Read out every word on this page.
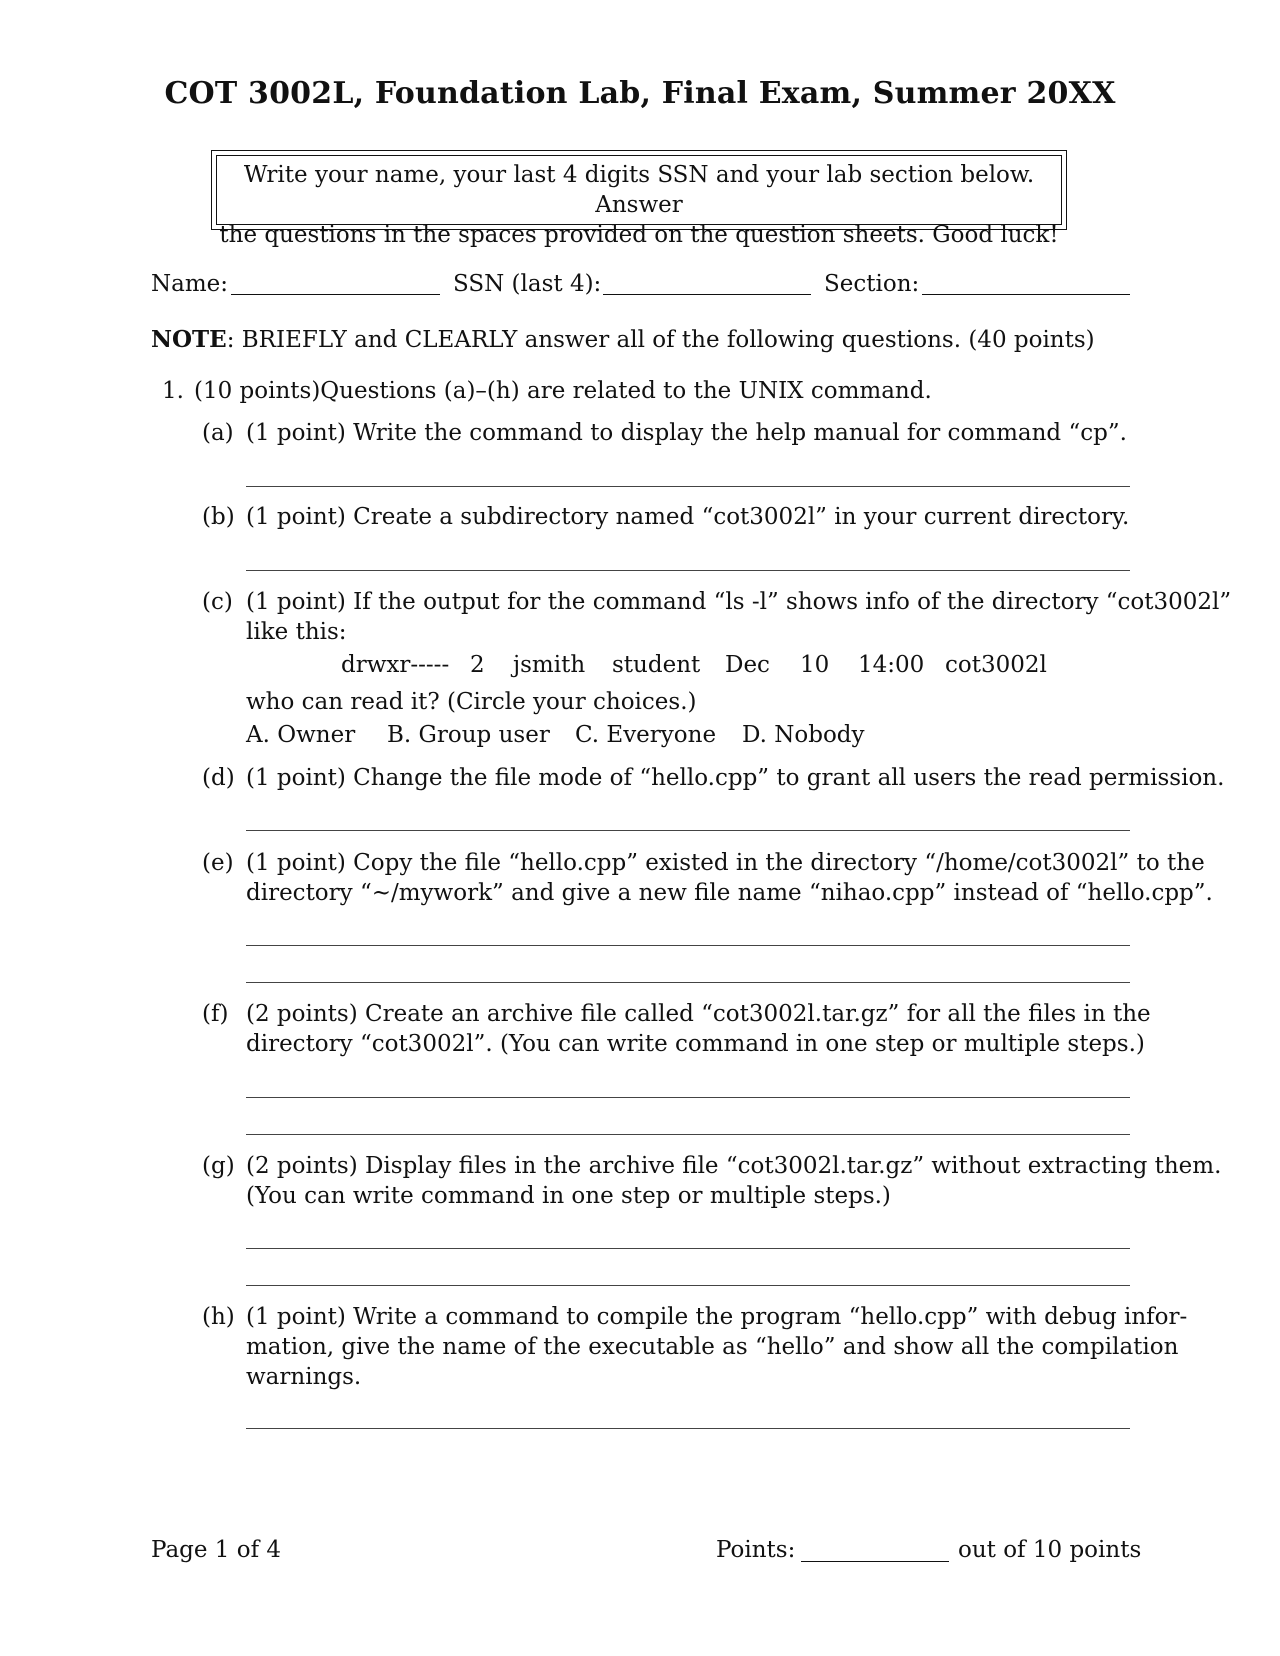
COT 3002L, Foundation Lab, Final Exam, Summer 20XX
Write your name, your last 4 digits SSN and your lab section below. Answer
the questions in the spaces provided on the question sheets. Good luck!
Name:	SSN (last 4):	Section:
NOTE: BRIEFLY and CLEARLY answer all of the following questions. (40 points)
1. (10 points)Questions (a)–(h) are related to the UNIX command.
(a) (1 point) Write the command to display the help manual for command “cp”.
(b) (1 point) Create a subdirectory named “cot3002l” in your current directory.
(c) (1 point) If the output for the command “ls -l” shows info of the directory “cot3002l”
like this:
drwxr----- 2 jsmith student Dec 10 14:00 cot3002l
who can read it? (Circle your choices.)
A. Owner B. Group user C. Everyone D. Nobody
(d) (1 point) Change the file mode of “hello.cpp” to grant all users the read permission.
(e) (1 point) Copy the file “hello.cpp” existed in the directory “/home/cot3002l” to the
directory “~/mywork” and give a new file name “nihao.cpp” instead of “hello.cpp”.
(f) (2 points) Create an archive file called “cot3002l.tar.gz” for all the files in the
directory “cot3002l”. (You can write command in one step or multiple steps.)
(g) (2 points) Display files in the archive file “cot3002l.tar.gz” without extracting them.
(You can write command in one step or multiple steps.)
(h) (1 point) Write a command to compile the program “hello.cpp” with debug infor-
mation, give the name of the executable as “hello” and show all the compilation
warnings.
Page 1 of 4	Points:	out of 10 points
